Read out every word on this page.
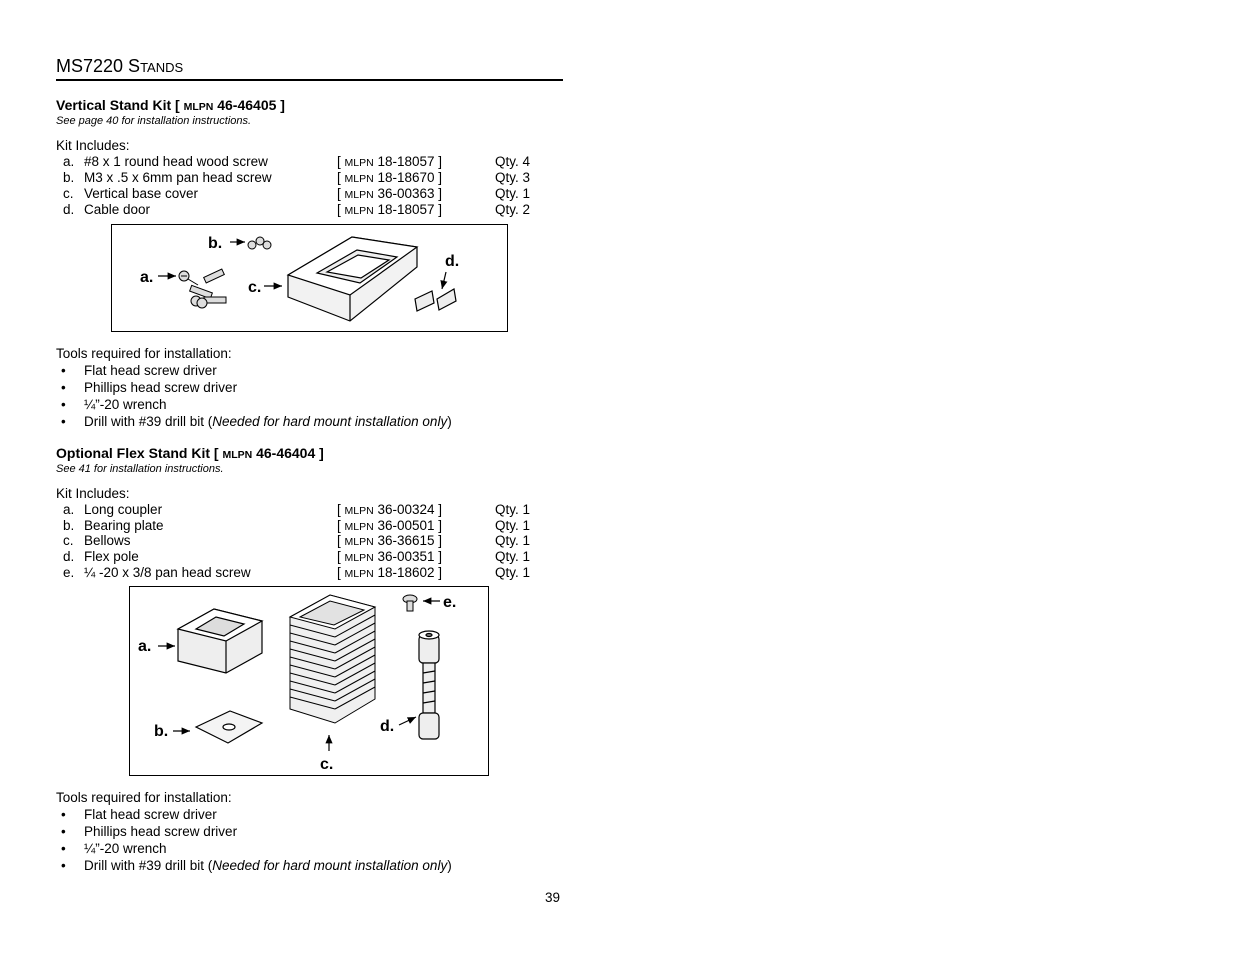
MS7220 STANDS
Vertical Stand Kit [ MLPN 46-46405 ]
See page 40 for installation instructions.
Kit Includes:
a. #8 x 1 round head wood screw	[ MLPN 18-18057 ]	Qty. 4
b. M3 x .5 x 6mm pan head screw	[ MLPN 18-18670 ]	Qty. 3
c. Vertical base cover	[ MLPN 36-00363 ]	Qty. 1
d. Cable door	[ MLPN 18-18057 ]	Qty. 2
a.
b.
c.
d.
Tools required for installation:
• Flat head screw driver
• Phillips head screw driver
• ¼”-20 wrench
• Drill with #39 drill bit (Needed for hard mount installation only)
Optional Flex Stand Kit [ MLPN 46-46404 ]
See 41 for installation instructions.
Kit Includes:
a. Long coupler	[ MLPN 36-00324 ]	Qty. 1
b. Bearing plate	[ MLPN 36-00501 ]	Qty. 1
c. Bellows	[ MLPN 36-36615 ]	Qty. 1
d. Flex pole	[ MLPN 36-00351 ]	Qty. 1
e. ¼ -20 x 3/8 pan head screw	[ MLPN 18-18602 ]	Qty. 1
a.
b.
c.
d.
e.
Tools required for installation:
• Flat head screw driver
• Phillips head screw driver
• ¼”-20 wrench
• Drill with #39 drill bit (Needed for hard mount installation only)
39
